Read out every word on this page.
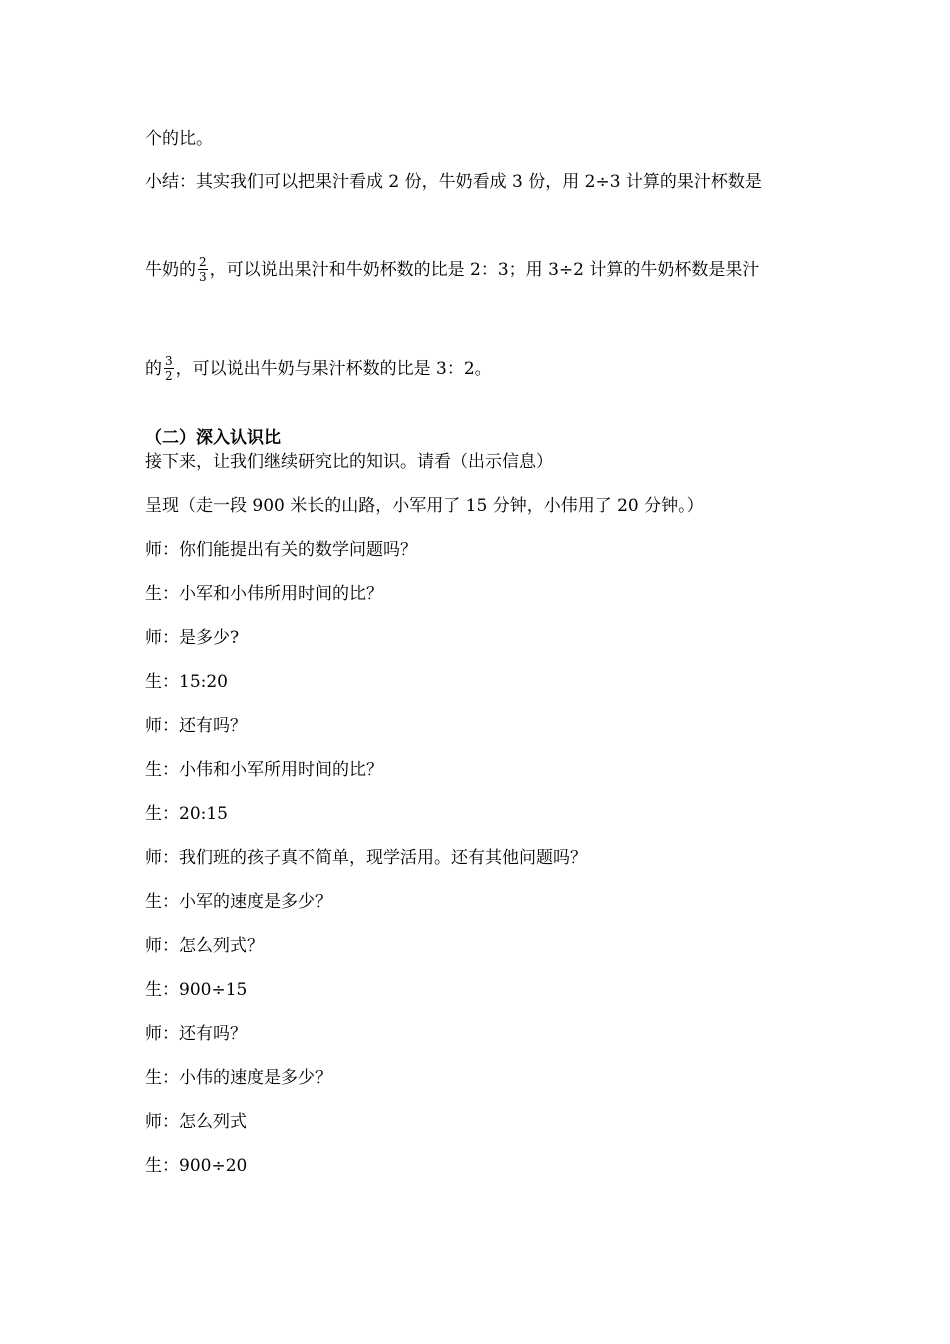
个的比。
小结：其实我们可以把果汁看成 2 份，牛奶看成 3 份，用 2÷3 计算的果汁杯数是
牛奶的 $\frac{2}{3}$ ，可以说出果汁和牛奶杯数的比是 2：3；用 3÷2 计算的牛奶杯数是果汁
的 $\frac{3}{2}$ ，可以说出牛奶与果汁杯数的比是 3：2。
（二）深入认识比
接下来，让我们继续研究比的知识。请看（出示信息）
呈现（走一段 900 米长的山路，小军用了 15 分钟，小伟用了 20 分钟。）
师：你们能提出有关的数学问题吗？
生：小军和小伟所用时间的比？
师：是多少?
生：15:20
师：还有吗？
生：小伟和小军所用时间的比？
生：20:15
师：我们班的孩子真不简单，现学活用。还有其他问题吗？
生：小军的速度是多少？
师：怎么列式？
生：900÷15
师：还有吗？
生：小伟的速度是多少？
师：怎么列式
生：900÷20
